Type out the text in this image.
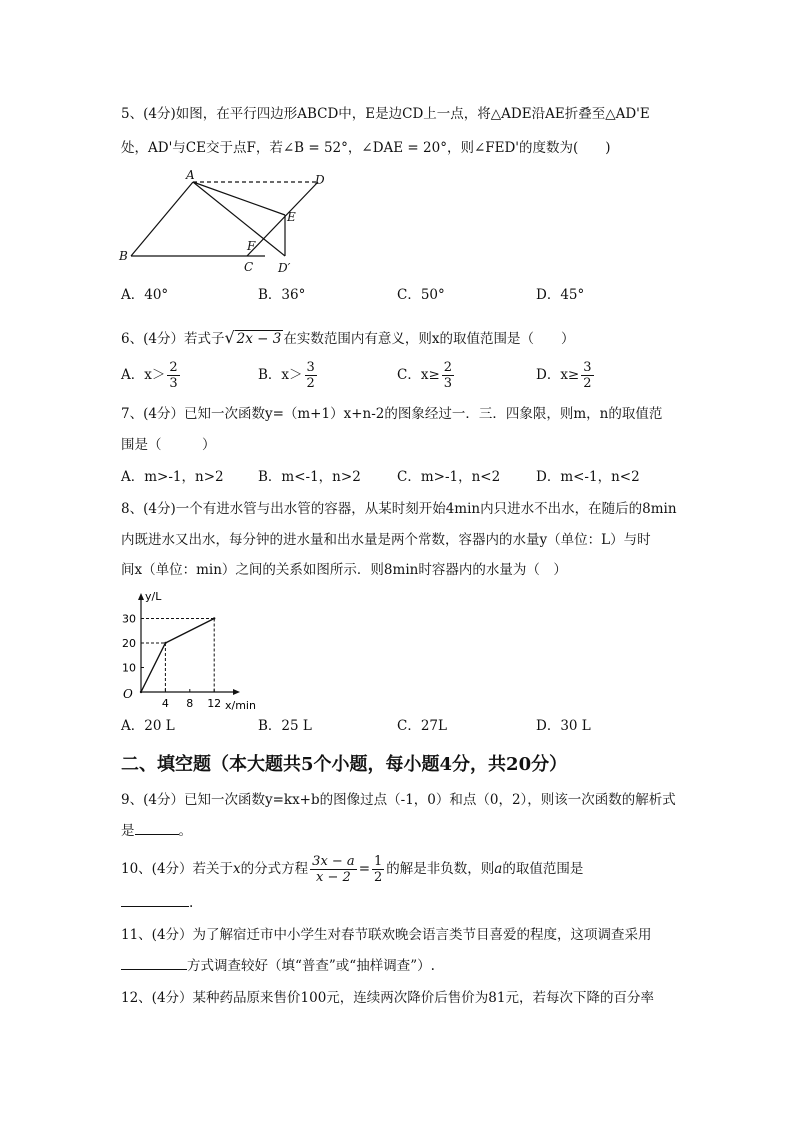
5、(4分)如图，在平行四边形ABCD中，E是边CD上一点，将△ADE沿AE折叠至△AD'E
处，AD'与CE交于点F，若∠B = 52°，∠DAE = 20°，则∠FED'的度数为(　　)
A
B
C
D
E
F
D′
A．40°	B．36°	C．50°	D．45°
6、(4分）若式子√ 2x − 3 在实数范围内有意义，则x的取值范围是（　　）
A．$x> \frac{2}{3}$	B．$x> \frac{3}{2}$	C．$x\ge \frac{2}{3}$	D．$x\ge \frac{3}{2}$
7、(4分）已知一次函数y=（m+1）x+n-2的图象经过一．三．四象限，则m，n的取值范
围是（　　　）
A．m>-1，n>2	B．m<-1，n>2	C．m>-1，n<2	D．m<-1，n<2
8、(4分)一个有进水管与出水管的容器，从某时刻开始4min内只进水不出水，在随后的8min
内既进水又出水，每分钟的进水量和出水量是两个常数，容器内的水量y（单位：L）与时
间x（单位：min）之间的关系如图所示．则8min时容器内的水量为（　）
y/L
x/min
O
4 8 12
10
20
30
A．20 L	B．25 L	C．27L	D．30 L
二、填空题（本大题共5个小题，每小题4分，共20分）
9、(4分）已知一次函数y=kx+b的图像过点（-1，0）和点（0，2），则该一次函数的解析式
是	。
10、(4分）若关于x的分式方程 $\frac{3x - a}{x - 2} = \frac{1}{2}$ 的解是非负数，则a的取值范围是
.
11、(4分）为了解宿迁市中小学生对春节联欢晚会语言类节目喜爱的程度，这项调查采用
方式调查较好（填“普查”或“抽样调查”）.
12、(4分）某种药品原来售价100元，连续两次降价后售价为81元，若每次下降的百分率
